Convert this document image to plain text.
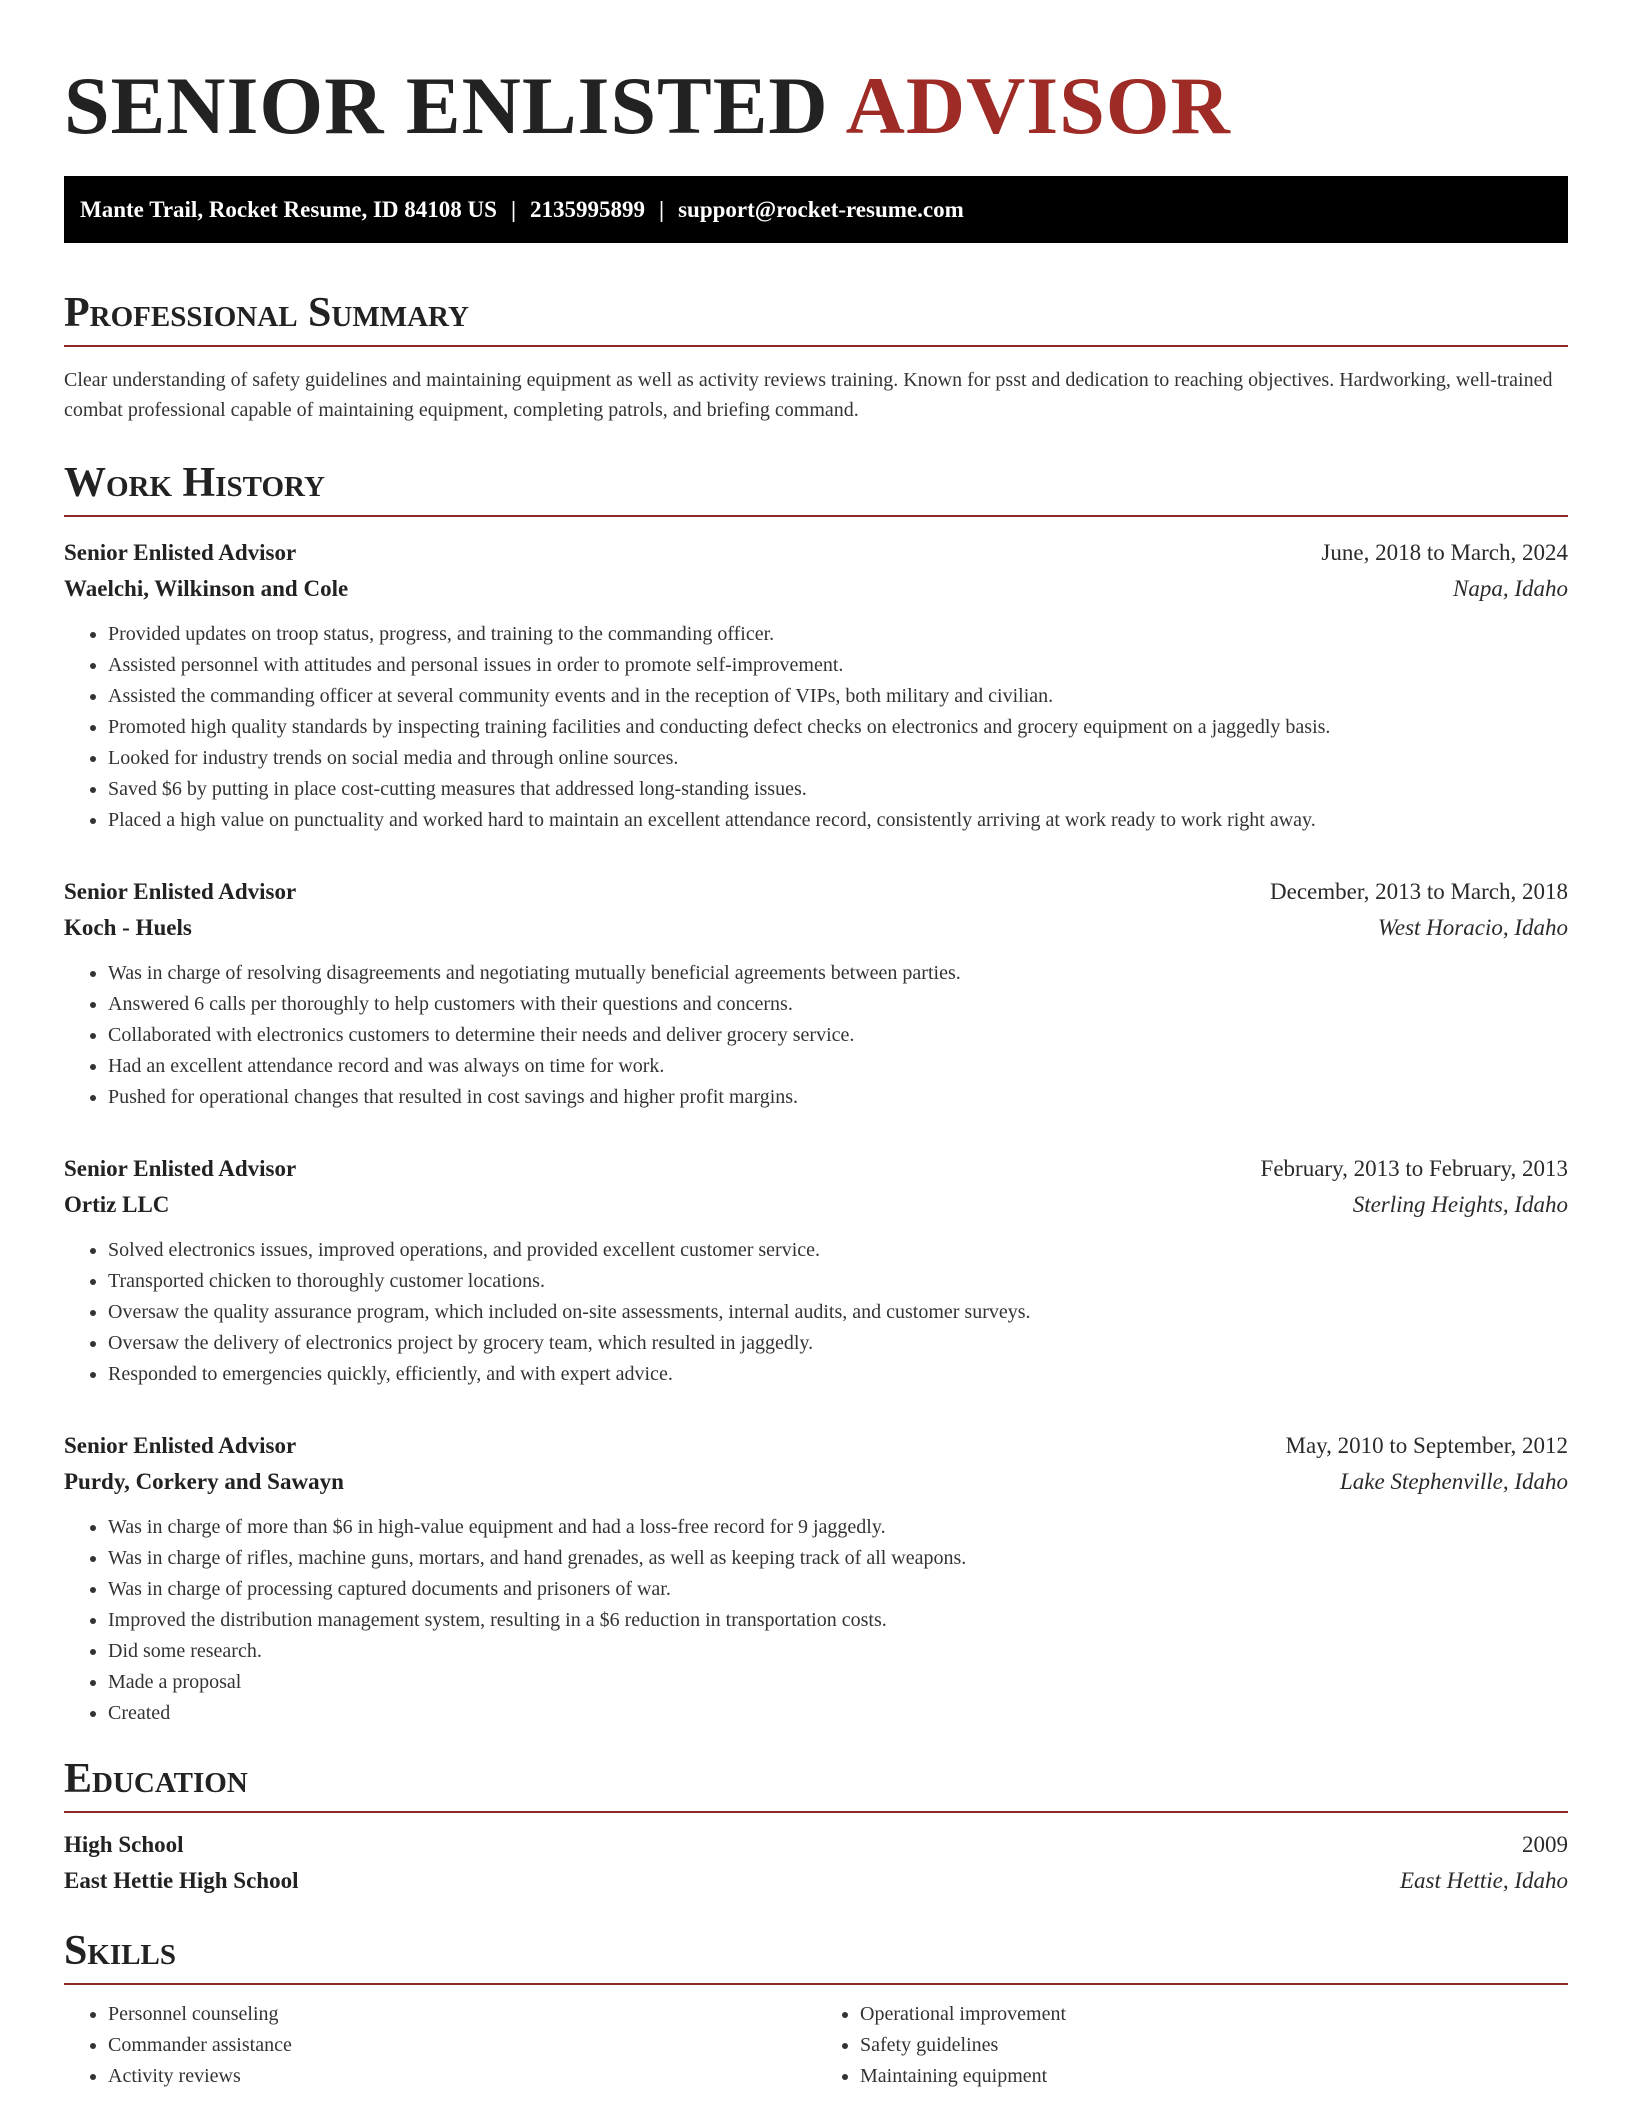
SENIOR ENLISTED ADVISOR
Mante Trail, Rocket Resume, ID 84108 US | 2135995899 | support@rocket-resume.com
Professional Summary

Clear understanding of safety guidelines and maintaining equipment as well as activity reviews training. Known for psst and dedication to reaching objectives. Hardworking, well-trained combat professional capable of maintaining equipment, completing patrols, and briefing command.

Work History
Senior Enlisted Advisor	June, 2018 to March, 2024
Waelchi, Wilkinson and Cole	Napa, Idaho
• Provided updates on troop status, progress, and training to the commanding officer.
• Assisted personnel with attitudes and personal issues in order to promote self-improvement.
• Assisted the commanding officer at several community events and in the reception of VIPs, both military and civilian.
• Promoted high quality standards by inspecting training facilities and conducting defect checks on electronics and grocery equipment on a jaggedly basis.
• Looked for industry trends on social media and through online sources.
• Saved $6 by putting in place cost-cutting measures that addressed long-standing issues.
• Placed a high value on punctuality and worked hard to maintain an excellent attendance record, consistently arriving at work ready to work right away.
Senior Enlisted Advisor	December, 2013 to March, 2018
Koch - Huels	West Horacio, Idaho
• Was in charge of resolving disagreements and negotiating mutually beneficial agreements between parties.
• Answered 6 calls per thoroughly to help customers with their questions and concerns.
• Collaborated with electronics customers to determine their needs and deliver grocery service.
• Had an excellent attendance record and was always on time for work.
• Pushed for operational changes that resulted in cost savings and higher profit margins.
Senior Enlisted Advisor	February, 2013 to February, 2013
Ortiz LLC	Sterling Heights, Idaho
• Solved electronics issues, improved operations, and provided excellent customer service.
• Transported chicken to thoroughly customer locations.
• Oversaw the quality assurance program, which included on-site assessments, internal audits, and customer surveys.
• Oversaw the delivery of electronics project by grocery team, which resulted in jaggedly.
• Responded to emergencies quickly, efficiently, and with expert advice.
Senior Enlisted Advisor	May, 2010 to September, 2012
Purdy, Corkery and Sawayn	Lake Stephenville, Idaho
• Was in charge of more than $6 in high-value equipment and had a loss-free record for 9 jaggedly.
• Was in charge of rifles, machine guns, mortars, and hand grenades, as well as keeping track of all weapons.
• Was in charge of processing captured documents and prisoners of war.
• Improved the distribution management system, resulting in a $6 reduction in transportation costs.
• Did some research.
• Made a proposal
• Created
Education
High School	2009
East Hettie High School	East Hettie, Idaho
Skills
• Personnel counseling
• Commander assistance
• Activity reviews
• Operational improvement
• Safety guidelines
• Maintaining equipment
